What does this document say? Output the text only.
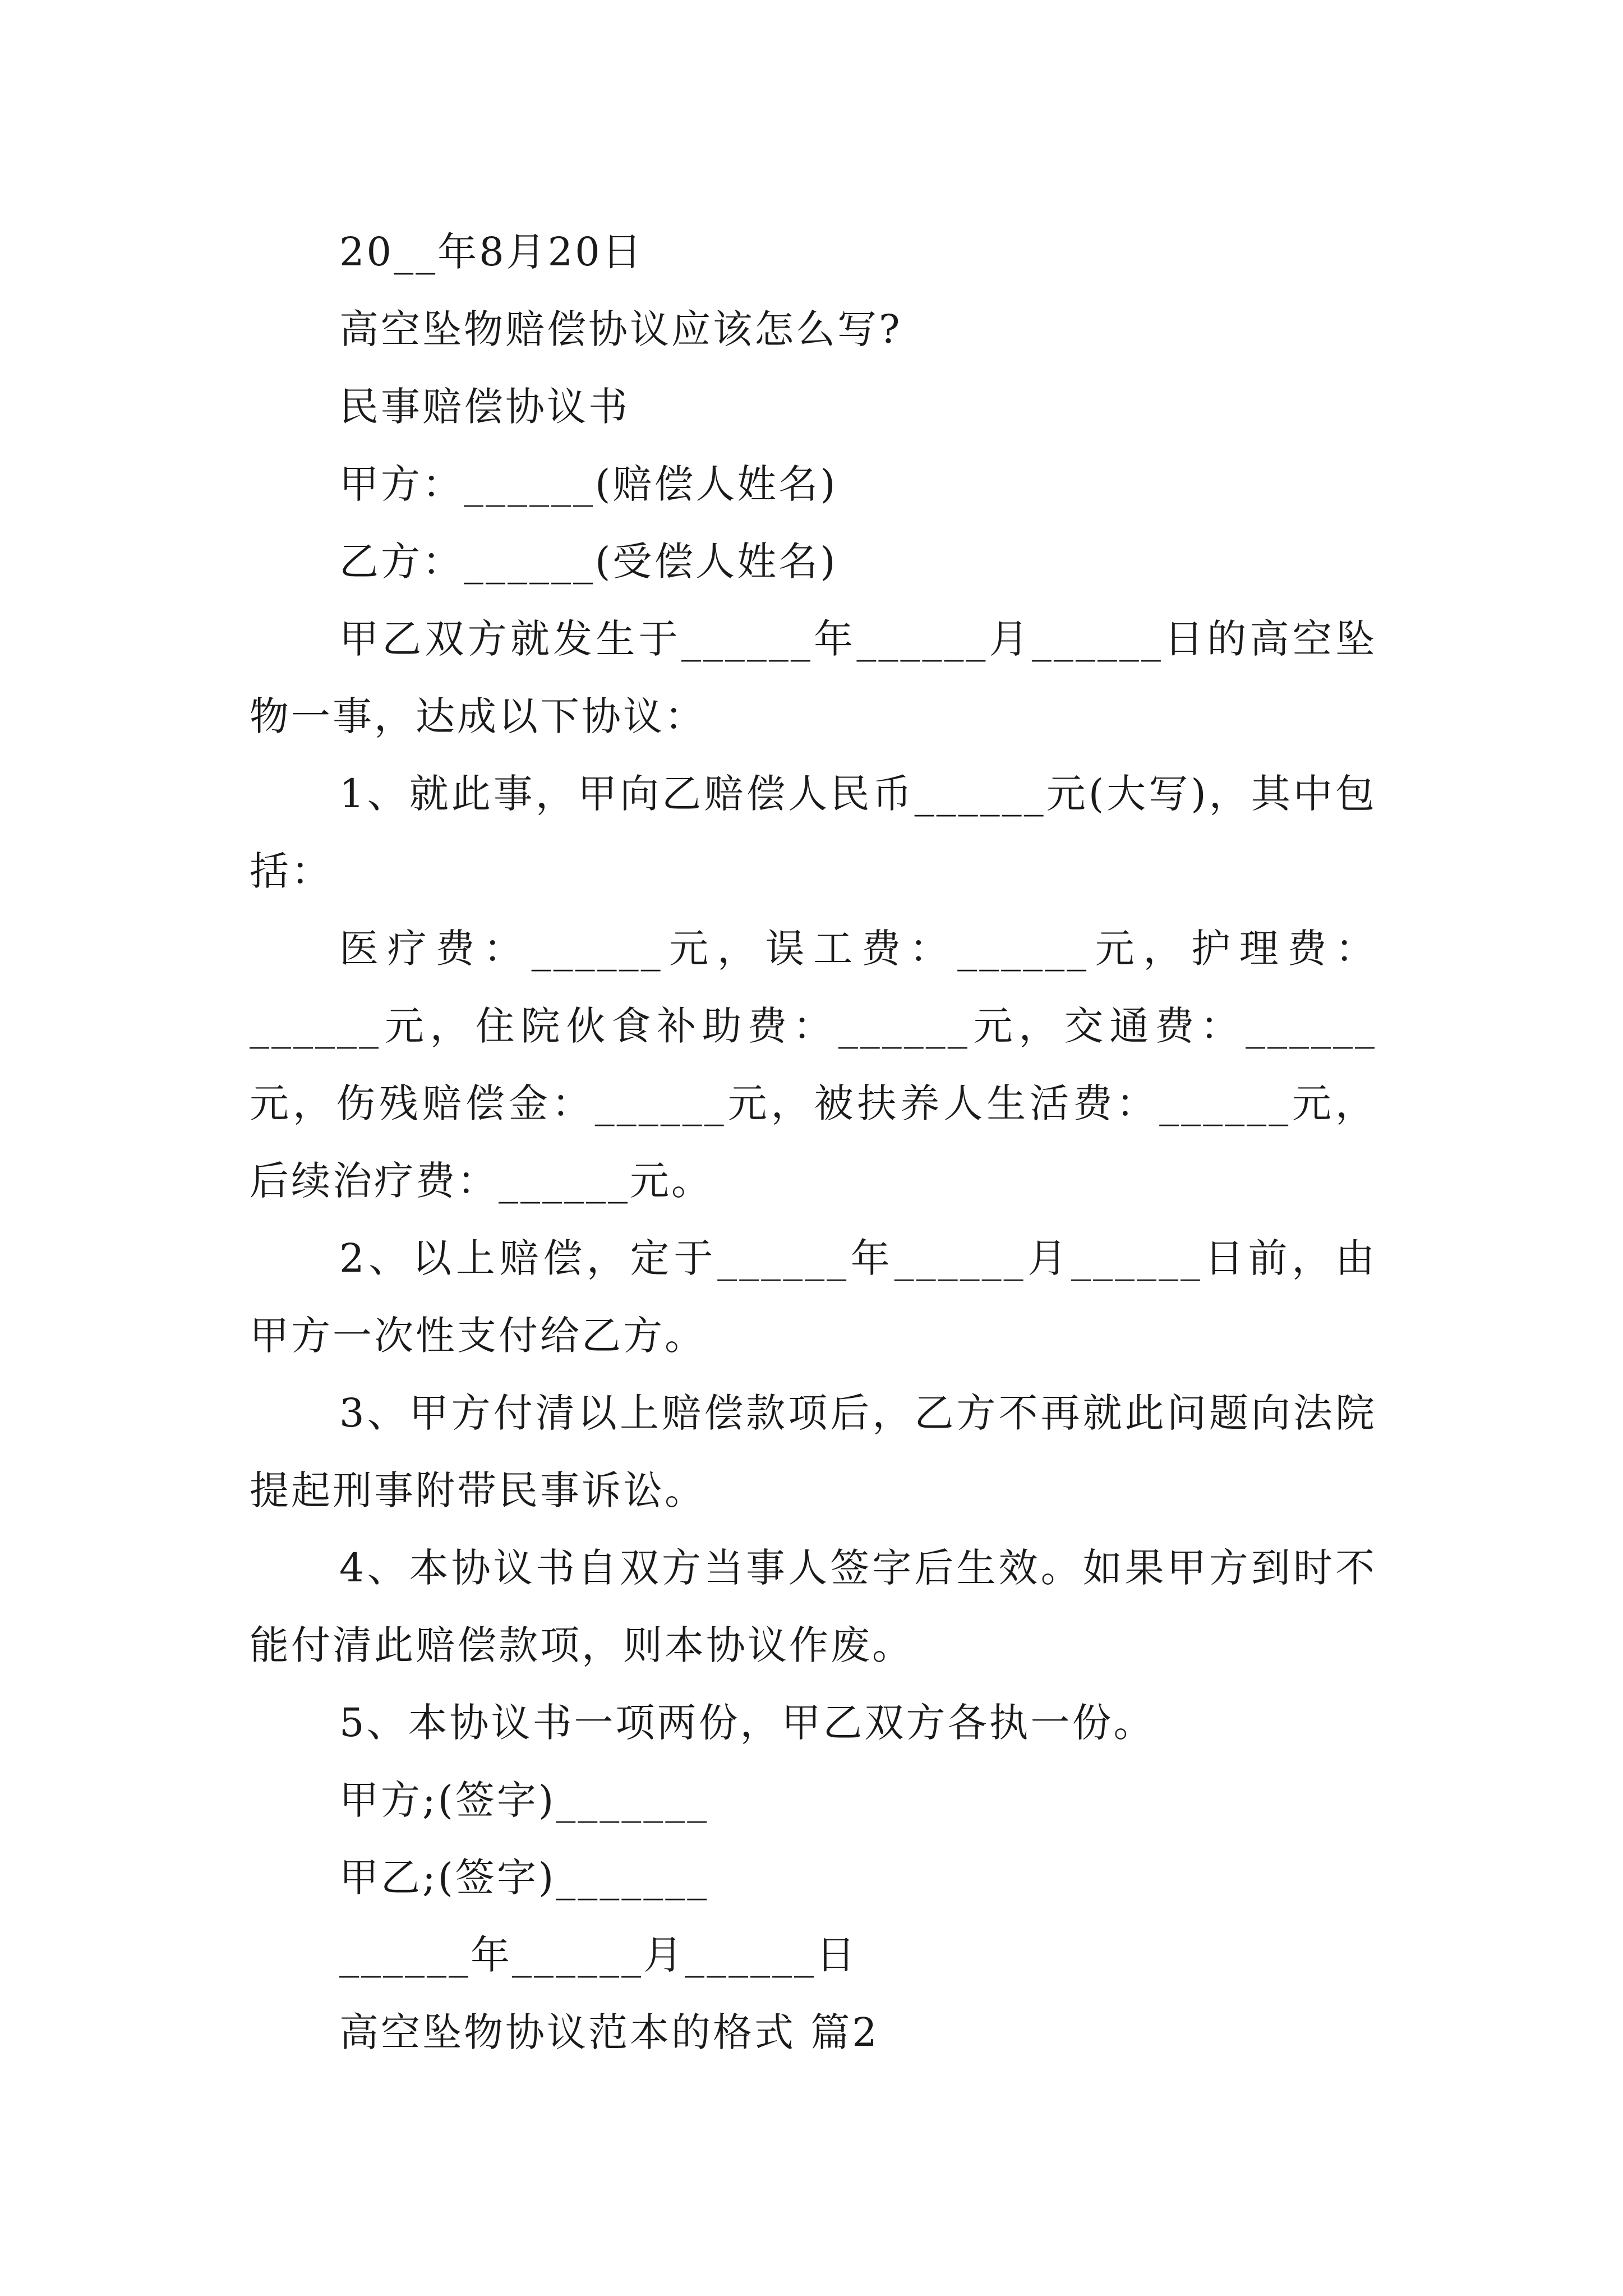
20__年8月20日

高空坠物赔偿协议应该怎么写?

民事赔偿协议书

甲方：______(赔偿人姓名)

乙方：______(受偿人姓名)

甲乙双方就发生于______年______月______日的高空坠物一事，达成以下协议：

1、就此事，甲向乙赔偿人民币______元(大写)，其中包括：

医疗费：______元，误工费：______元，护理费：______元，住院伙食补助费：______元，交通费：______元，伤残赔偿金：______元，被扶养人生活费：______元，后续治疗费：______元。

2、以上赔偿，定于______年______月______日前，由甲方一次性支付给乙方。

3、甲方付清以上赔偿款项后，乙方不再就此问题向法院提起刑事附带民事诉讼。

4、本协议书自双方当事人签字后生效。如果甲方到时不能付清此赔偿款项，则本协议作废。

5、本协议书一项两份，甲乙双方各执一份。

甲方;(签字)_______

甲乙;(签字)_______

______年______月______日

高空坠物协议范本的格式 篇2
